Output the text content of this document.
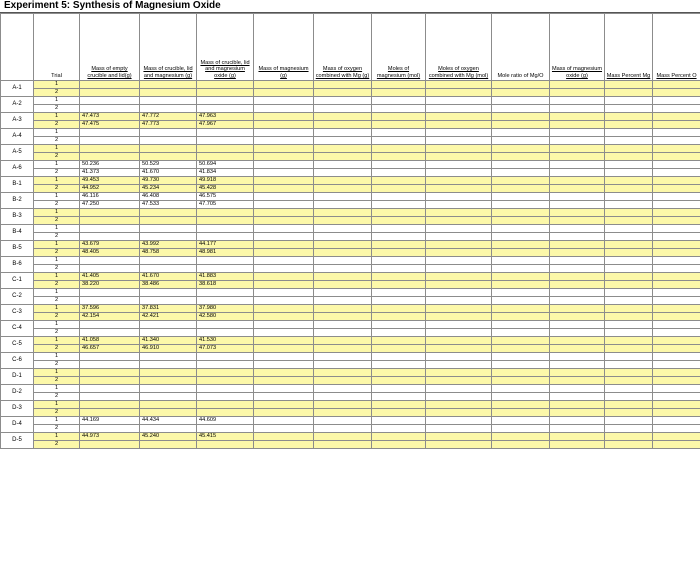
Experiment 5: Synthesis of Magnesium Oxide
	Trial	Mass of empty crucible and lid(g)	Mass of crucible, lid and magnesium (g)	Mass of crucible, lid and magnesium oxide (g)	Mass of magnesium (g)	Mass of oxygen combined with Mg (g)	Moles of magnesium (mol)	Moles of oxygen combined with Mg (mol)	Mole ratio of Mg/O	Mass of magnesium oxide (g)	Mass Percent Mg	Mass Percent O
A-1	1											
	2											
A-2	1											
	2											
A-3	1	47.473	47.772	47.963								
	2	47.475	47.773	47.967								
A-4	1											
	2											
A-5	1											
	2											
A-6	1	50.236	50.529	50.694								
	2	41.373	41.670	41.834								
B-1	1	49.453	49.730	49.918								
	2	44.952	45.234	45.428								
B-2	1	46.116	46.408	46.575								
	2	47.250	47.533	47.705								
B-3	1											
	2											
B-4	1											
	2											
B-5	1	43.679	43.992	44.177								
	2	48.405	48.758	48.981								
B-6	1											
	2											
C-1	1	41.405	41.670	41.883								
	2	38.220	38.486	38.618								
C-2	1											
	2											
C-3	1	37.596	37.831	37.980								
	2	42.154	42.421	42.580								
C-4	1											
	2											
C-5	1	41.058	41.340	41.530								
	2	46.657	46.910	47.073								
C-6	1											
	2											
D-1	1											
	2											
D-2	1											
	2											
D-3	1											
	2											
D-4	1	44.169	44.434	44.609								
	2											
D-5	1	44.973	45.240	45.415								
	2											
